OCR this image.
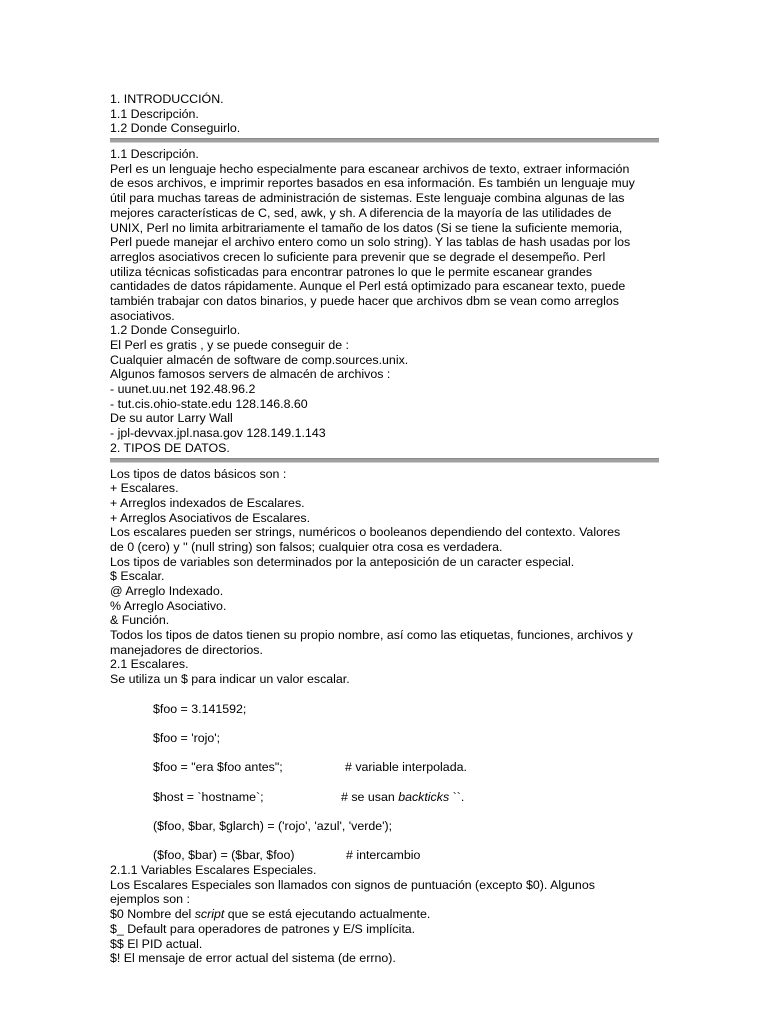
1. INTRODUCCIÓN.
1.1 Descripción.
1.2 Donde Conseguirlo.
1.1 Descripción.
Perl es un lenguaje hecho especialmente para escanear archivos de texto, extraer información
de esos archivos, e imprimir reportes basados en esa información. Es también un lenguaje muy
útil para muchas tareas de administración de sistemas. Este lenguaje combina algunas de las
mejores características de C, sed, awk, y sh. A diferencia de la mayoría de las utilidades de
UNIX, Perl no limita arbitrariamente el tamaño de los datos (Si se tiene la suficiente memoria,
Perl puede manejar el archivo entero como un solo string). Y las tablas de hash usadas por los
arreglos asociativos crecen lo suficiente para prevenir que se degrade el desempeño. Perl
utiliza técnicas sofisticadas para encontrar patrones lo que le permite escanear grandes
cantidades de datos rápidamente. Aunque el Perl está optimizado para escanear texto, puede
también trabajar con datos binarios, y puede hacer que archivos dbm se vean como arreglos
asociativos.
1.2 Donde Conseguirlo.
El Perl es gratis , y se puede conseguir de :
Cualquier almacén de software de comp.sources.unix.
Algunos famosos servers de almacén de archivos :
- uunet.uu.net 192.48.96.2
- tut.cis.ohio-state.edu 128.146.8.60
De su autor Larry Wall
- jpl-devvax.jpl.nasa.gov 128.149.1.143
2. TIPOS DE DATOS.
Los tipos de datos básicos son :
+ Escalares.
+ Arreglos indexados de Escalares.
+ Arreglos Asociativos de Escalares.
Los escalares pueden ser strings, numéricos o booleanos dependiendo del contexto. Valores
de 0 (cero) y '' (null string) son falsos; cualquier otra cosa es verdadera.
Los tipos de variables son determinados por la anteposición de un caracter especial.
$ Escalar.
@ Arreglo Indexado.
% Arreglo Asociativo.
& Función.
Todos los tipos de datos tienen su propio nombre, así como las etiquetas, funciones, archivos y
manejadores de directorios.
2.1 Escalares.
Se utiliza un $ para indicar un valor escalar.
$foo = 3.141592;
$foo = 'rojo';
$foo = "era $foo antes";	# variable interpolada.
$host = `hostname`;	# se usan backticks ``.
($foo, $bar, $glarch) = ('rojo', 'azul', 'verde');
($foo, $bar) = ($bar, $foo)	# intercambio
2.1.1 Variables Escalares Especiales.
Los Escalares Especiales son llamados con signos de puntuación (excepto $0). Algunos
ejemplos son :
$0 Nombre del script que se está ejecutando actualmente.
$_ Default para operadores de patrones y E/S implícita.
$$ El PID actual.
$! El mensaje de error actual del sistema (de errno).
